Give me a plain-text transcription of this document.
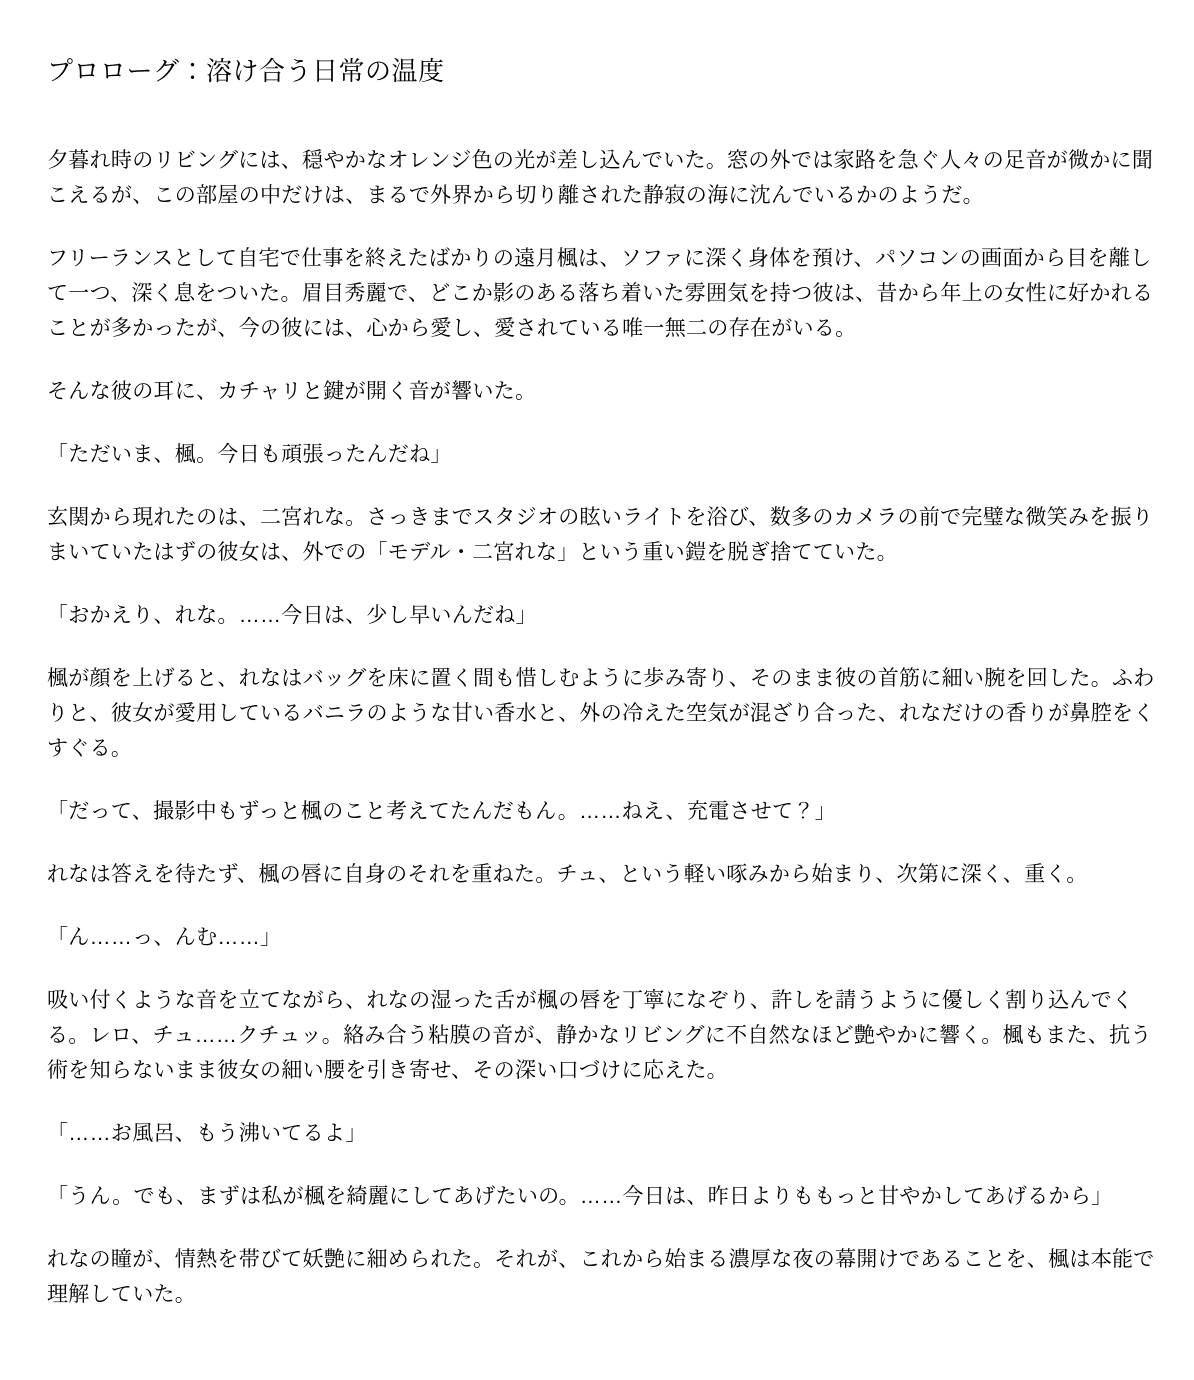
プロローグ：溶け合う日常の温度

夕暮れ時のリビングには、穏やかなオレンジ色の光が差し込んでいた。窓の外では家路を急ぐ人々の足音が微かに聞こえるが、この部屋の中だけは、まるで外界から切り離された静寂の海に沈んでいるかのようだ。

フリーランスとして自宅で仕事を終えたばかりの遠月楓は、ソファに深く身体を預け、パソコンの画面から目を離して一つ、深く息をついた。眉目秀麗で、どこか影のある落ち着いた雰囲気を持つ彼は、昔から年上の女性に好かれることが多かったが、今の彼には、心から愛し、愛されている唯一無二の存在がいる。

そんな彼の耳に、カチャリと鍵が開く音が響いた。

「ただいま、楓。今日も頑張ったんだね」

玄関から現れたのは、二宮れな。さっきまでスタジオの眩いライトを浴び、数多のカメラの前で完璧な微笑みを振りまいていたはずの彼女は、外での「モデル・二宮れな」という重い鎧を脱ぎ捨てていた。

「おかえり、れな。……今日は、少し早いんだね」

楓が顔を上げると、れなはバッグを床に置く間も惜しむように歩み寄り、そのまま彼の首筋に細い腕を回した。ふわりと、彼女が愛用しているバニラのような甘い香水と、外の冷えた空気が混ざり合った、れなだけの香りが鼻腔をくすぐる。

「だって、撮影中もずっと楓のこと考えてたんだもん。……ねえ、充電させて？」

れなは答えを待たず、楓の唇に自身のそれを重ねた。チュ、という軽い啄みから始まり、次第に深く、重く。

「ん……っ、んむ……」

吸い付くような音を立てながら、れなの湿った舌が楓の唇を丁寧になぞり、許しを請うように優しく割り込んでくる。レロ、チュ……クチュッ。絡み合う粘膜の音が、静かなリビングに不自然なほど艶やかに響く。楓もまた、抗う術を知らないまま彼女の細い腰を引き寄せ、その深い口づけに応えた。

「……お風呂、もう沸いてるよ」

「うん。でも、まずは私が楓を綺麗にしてあげたいの。……今日は、昨日よりももっと甘やかしてあげるから」

れなの瞳が、情熱を帯びて妖艶に細められた。それが、これから始まる濃厚な夜の幕開けであることを、楓は本能で理解していた。
